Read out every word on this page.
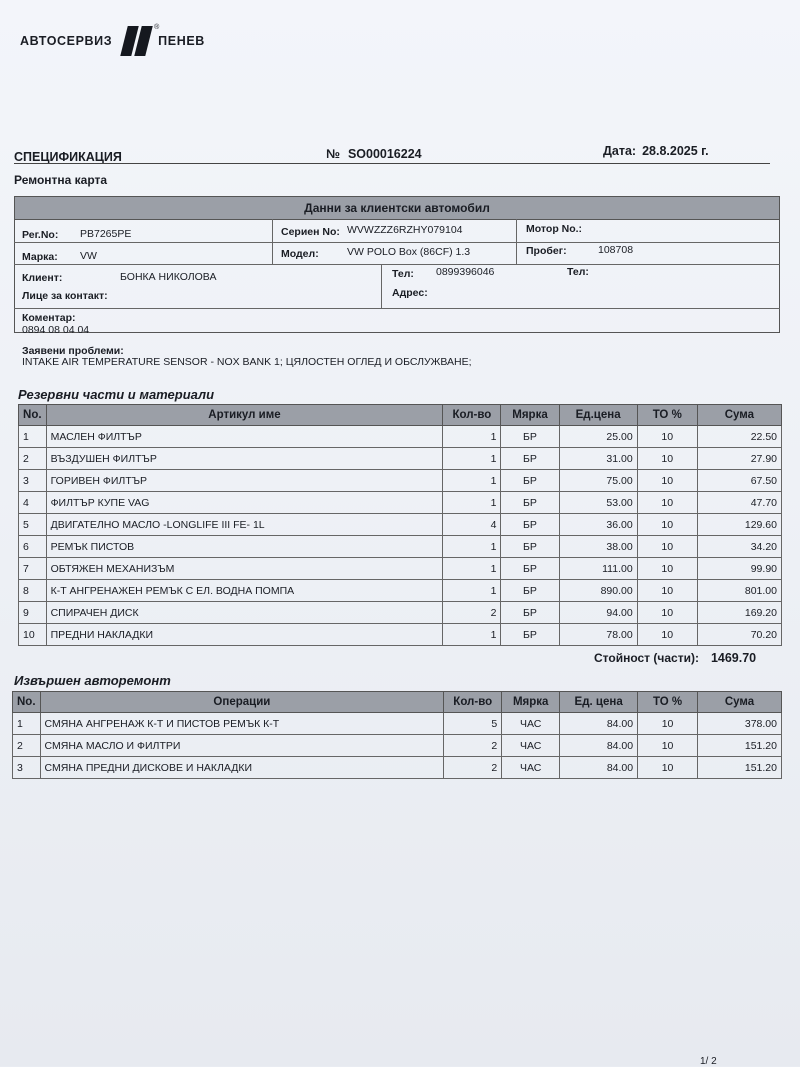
АВТОСЕРВИЗ
®
ПЕНЕВ
СПЕЦИФИКАЦИЯ	№ SO00016224	Дата: 28.8.2025 г.
Ремонтна карта
Данни за клиентски автомобил
Рег.No: PB7265PE	Сериен No: WVWZZZ6RZHY079104	Мотор No.:
Марка: VW	Модел:	VW POLO Box (86CF) 1.3	Пробег:	108708
Клиент:	БОНКА НИКОЛОВА	Тел: 0899396046	Тел:
Лице за контакт:	Адрес:
Коментар:
0894 08 04 04
Заявени проблеми:
INTAKE AIR TEMPERATURE SENSOR - NOX BANK 1; ЦЯЛОСТЕН ОГЛЕД И ОБСЛУЖВАНЕ;
Резервни части и материали
No.	Артикул име	Кол-во	Мярка	Ед.цена	ТО %	Сума
1	МАСЛЕН ФИЛТЪР	1	БР	25.00	10	22.50
2	ВЪЗДУШЕН ФИЛТЪР	1	БР	31.00	10	27.90
3	ГОРИВЕН ФИЛТЪР	1	БР	75.00	10	67.50
4	ФИЛТЪР КУПЕ VAG	1	БР	53.00	10	47.70
5	ДВИГАТЕЛНО МАСЛО -LONGLIFE III FE- 1L	4	БР	36.00	10	129.60
6	РЕМЪК ПИСТОВ	1	БР	38.00	10	34.20
7	ОБТЯЖЕН МЕХАНИЗЪМ	1	БР	111.00	10	99.90
8	К-Т АНГРЕНАЖЕН РЕМЪК С ЕЛ. ВОДНА ПОМПА	1	БР	890.00	10	801.00
9	СПИРАЧЕН ДИСК	2	БР	94.00	10	169.20
10	ПРЕДНИ НАКЛАДКИ	1	БР	78.00	10	70.20
Стойност (части): 1469.70
Извършен авторемонт
No.	Операции	Кол-во	Мярка	Ед. цена	ТО %	Сума
1	СМЯНА АНГРЕНАЖ К-Т И ПИСТОВ РЕМЪК К-Т	5	ЧАС	84.00	10	378.00
2	СМЯНА МАСЛО И ФИЛТРИ	2	ЧАС	84.00	10	151.20
3	СМЯНА ПРЕДНИ ДИСКОВЕ И НАКЛАДКИ	2	ЧАС	84.00	10	151.20
1/ 2
